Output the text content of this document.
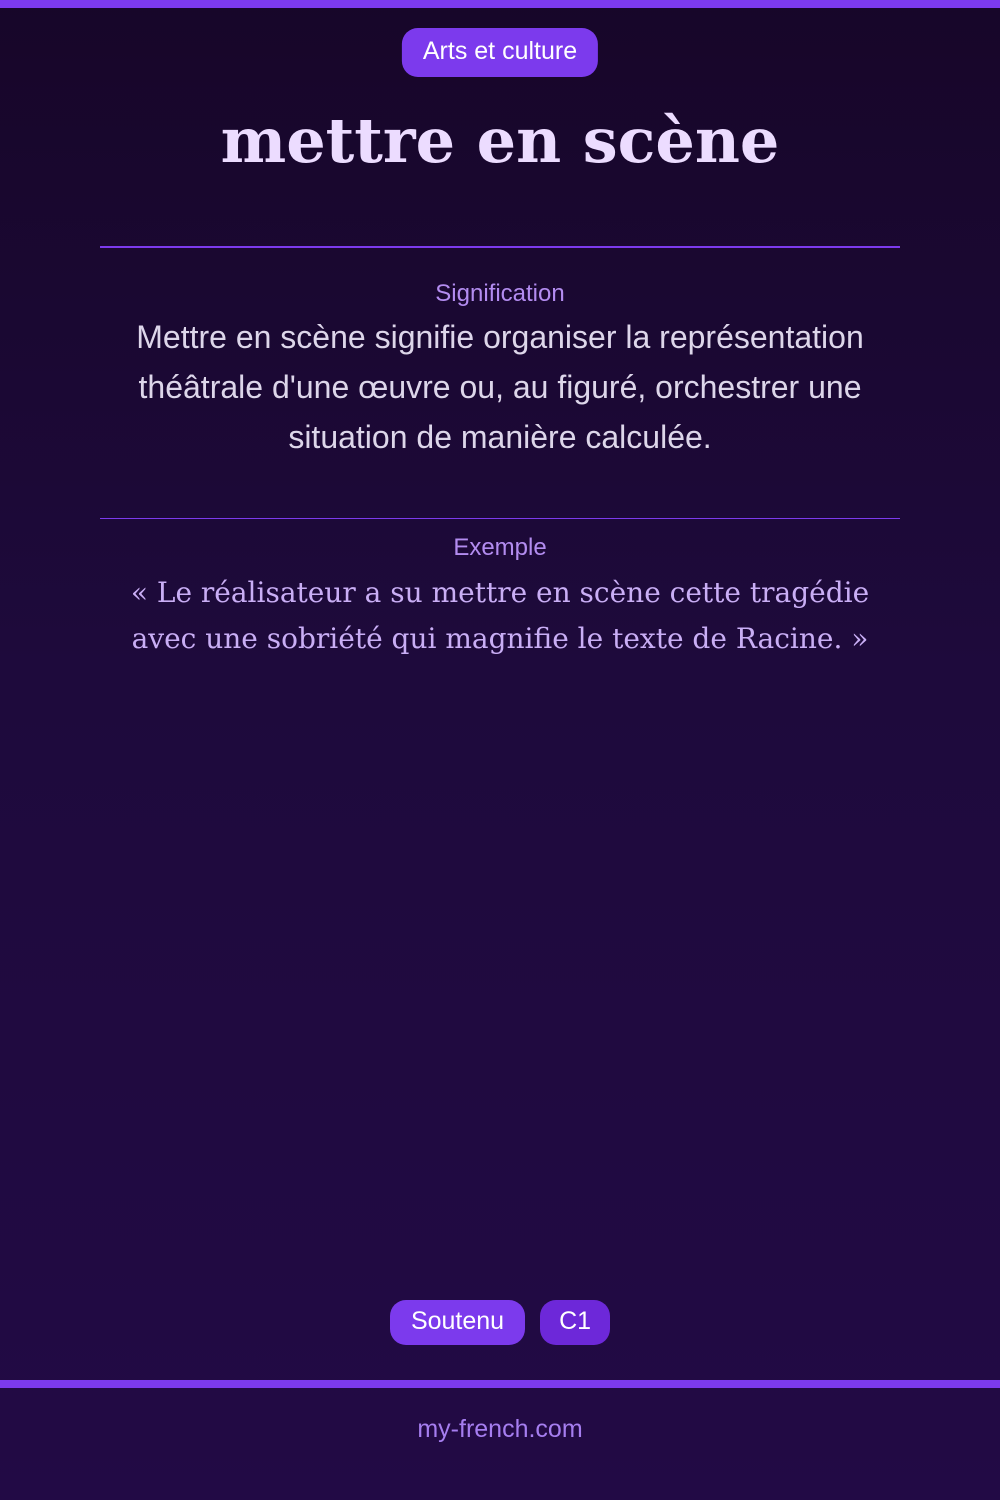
Arts et culture
mettre en scène
Signification
Mettre en scène signifie organiser la représentation théâtrale d'une œuvre ou, au figuré, orchestrer une situation de manière calculée.
Exemple
« Le réalisateur a su mettre en scène cette tragédie avec une sobriété qui magnifie le texte de Racine. »
Soutenu	C1
my-french.com
